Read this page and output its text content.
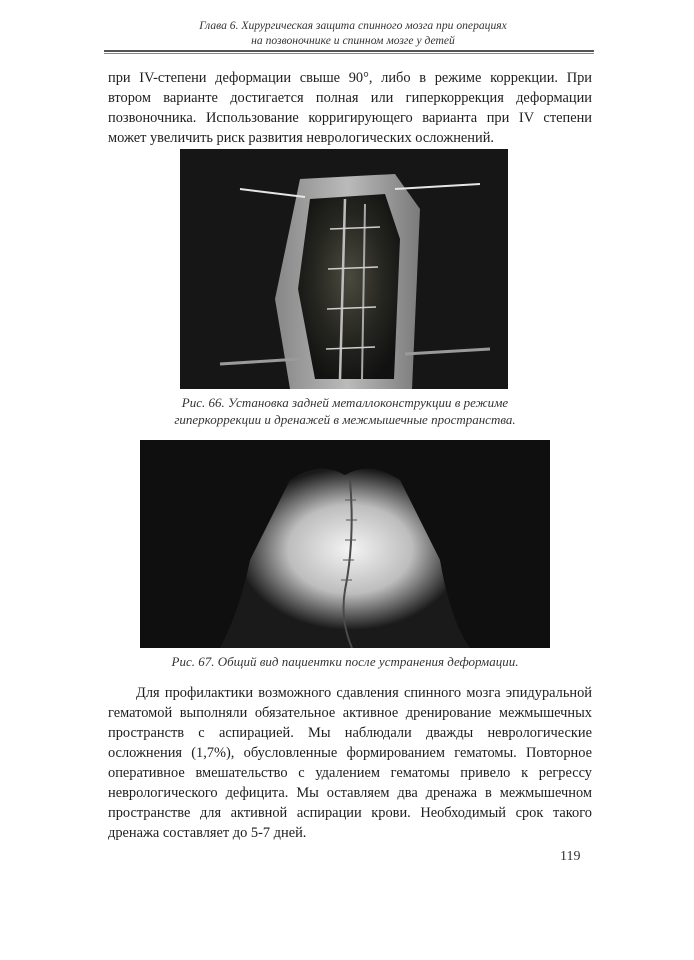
Глава 6. Хирургическая защита спинного мозга при операциях
на позвоночнике и спинном мозге у детей

при IV-степени деформации свыше 90°, либо в режиме коррекции. При втором варианте достигается полная или гиперкоррекция деформации позвоночника. Использование корригирующего варианта при IV степени может увеличить риск развития неврологических осложнений.

Рис. 66. Установка задней металлоконструкции в режиме гиперкоррекции и дренажей в межмышечные пространства.

Рис. 67. Общий вид пациентки после устранения деформации.

Для профилактики возможного сдавления спинного мозга эпидуральной гематомой выполняли обязательное активное дренирование межмышечных пространств с аспирацией. Мы наблюдали дважды неврологические осложнения (1,7%), обусловленные формированием гематомы. Повторное оперативное вмешательство с удалением гематомы привело к регрессу неврологического дефицита. Мы оставляем два дренажа в межмышечном пространстве для активной аспирации крови. Необходимый срок такого дренажа составляет до 5-7 дней.

119
